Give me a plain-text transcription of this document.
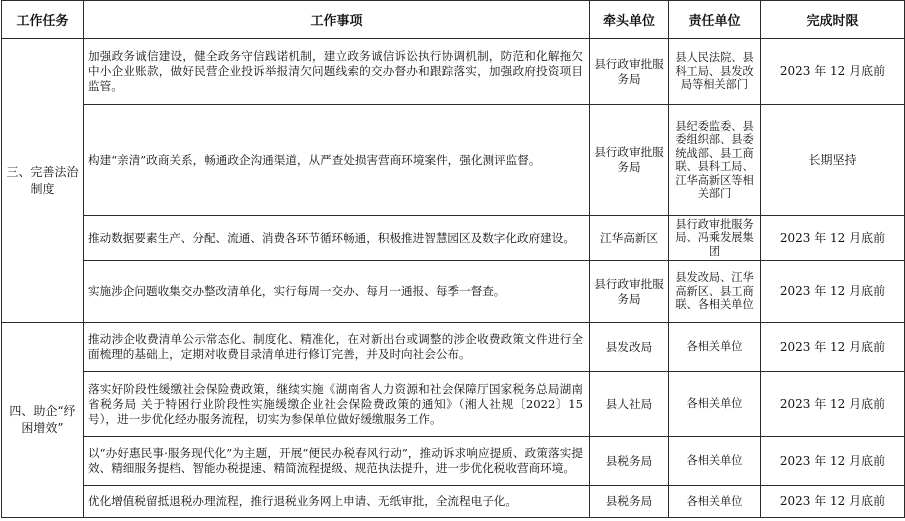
工作任务	工作事项	牵头单位	责任单位	完成时限
三、完善法治制度	加强政务诚信建设，健全政务守信践诺机制，建立政务诚信诉讼执行协调机制，防范和化解拖欠中小企业账款，做好民营企业投诉举报清欠问题线索的交办督办和跟踪落实，加强政府投资项目监管。	县行政审批服务局	县人民法院、县科工局、县发改局等相关部门	2023 年 12 月底前
	构建“亲清”政商关系，畅通政企沟通渠道，从严查处损害营商环境案件，强化测评监督。	县行政审批服务局	县纪委监委、县委组织部、县委统战部、县工商联、县科工局、江华高新区等相关部门	长期坚持
	推动数据要素生产、分配、流通、消费各环节循环畅通，积极推进智慧园区及数字化政府建设。	江华高新区	县行政审批服务局、冯乘发展集团	2023 年 12 月底前
	实施涉企问题收集交办整改清单化，实行每周一交办、每月一通报、每季一督查。	县行政审批服务局	县发改局、江华高新区、县工商联、各相关单位	2023 年 12 月底前
四、助企“纾困增效”	推动涉企收费清单公示常态化、制度化、精准化，在对新出台或调整的涉企收费政策文件进行全面梳理的基础上，定期对收费目录清单进行修订完善，并及时向社会公布。	县发改局	各相关单位	2023 年 12 月底前
	落实好阶段性缓缴社会保险费政策，继续实施《湖南省人力资源和社会保障厅国家税务总局湖南省税务局 关于特困行业阶段性实施缓缴企业社会保险费政策的通知》（湘人社规〔2022〕15 号），进一步优化经办服务流程，切实为参保单位做好缓缴服务工作。	县人社局	各相关单位	2023 年 12 月底前
	以“办好惠民事·服务现代化”为主题，开展“便民办税春风行动”，推动诉求响应提质、政策落实提效、精细服务提档、智能办税提速、精简流程提级、规范执法提升，进一步优化税收营商环境。	县税务局	各相关单位	2023 年 12 月底前
	优化增值税留抵退税办理流程，推行退税业务网上申请、无纸审批，全流程电子化。	县税务局	各相关单位	2023 年 12 月底前
